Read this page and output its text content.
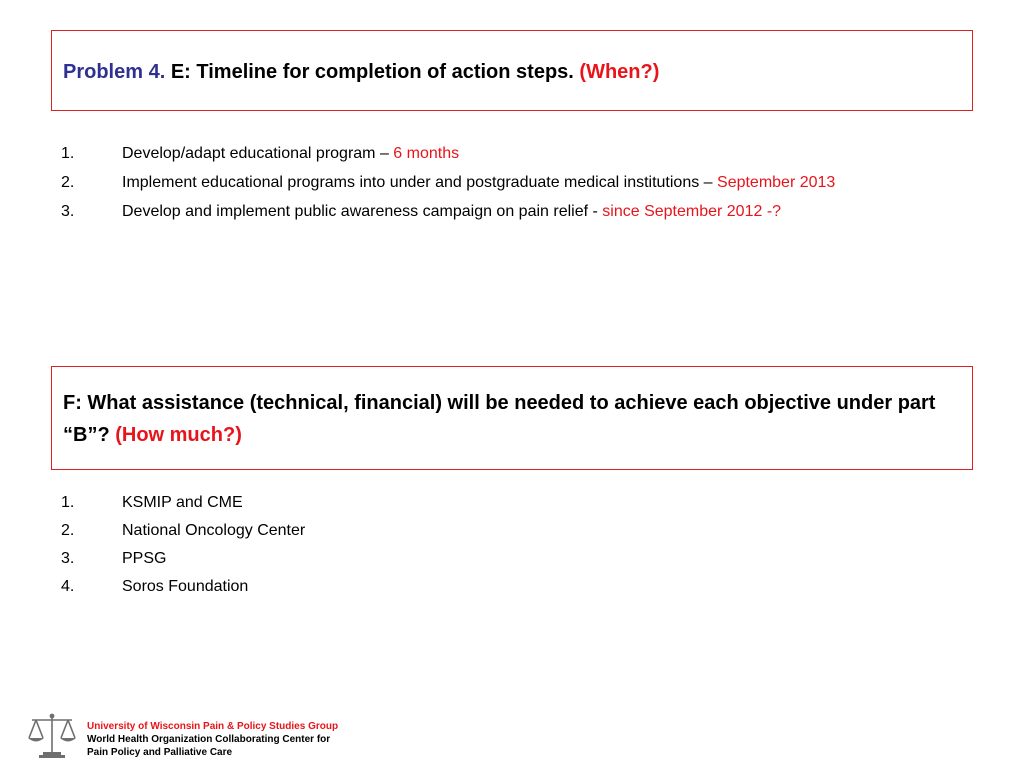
Problem 4. E: Timeline for completion of action steps. (When?)
1.	Develop/adapt educational program – 6 months
2.	Implement educational programs into under and postgraduate medical institutions – September 2013
3.	Develop and implement public awareness campaign on pain relief - since September 2012 -?
F: What assistance (technical, financial) will be needed to achieve each objective under part “B”? (How much?)
1.	KSMIP and CME
2.	National Oncology Center
3.	PPSG
4.	Soros Foundation
University of Wisconsin Pain & Policy Studies Group
World Health Organization Collaborating Center for
Pain Policy and Palliative Care
